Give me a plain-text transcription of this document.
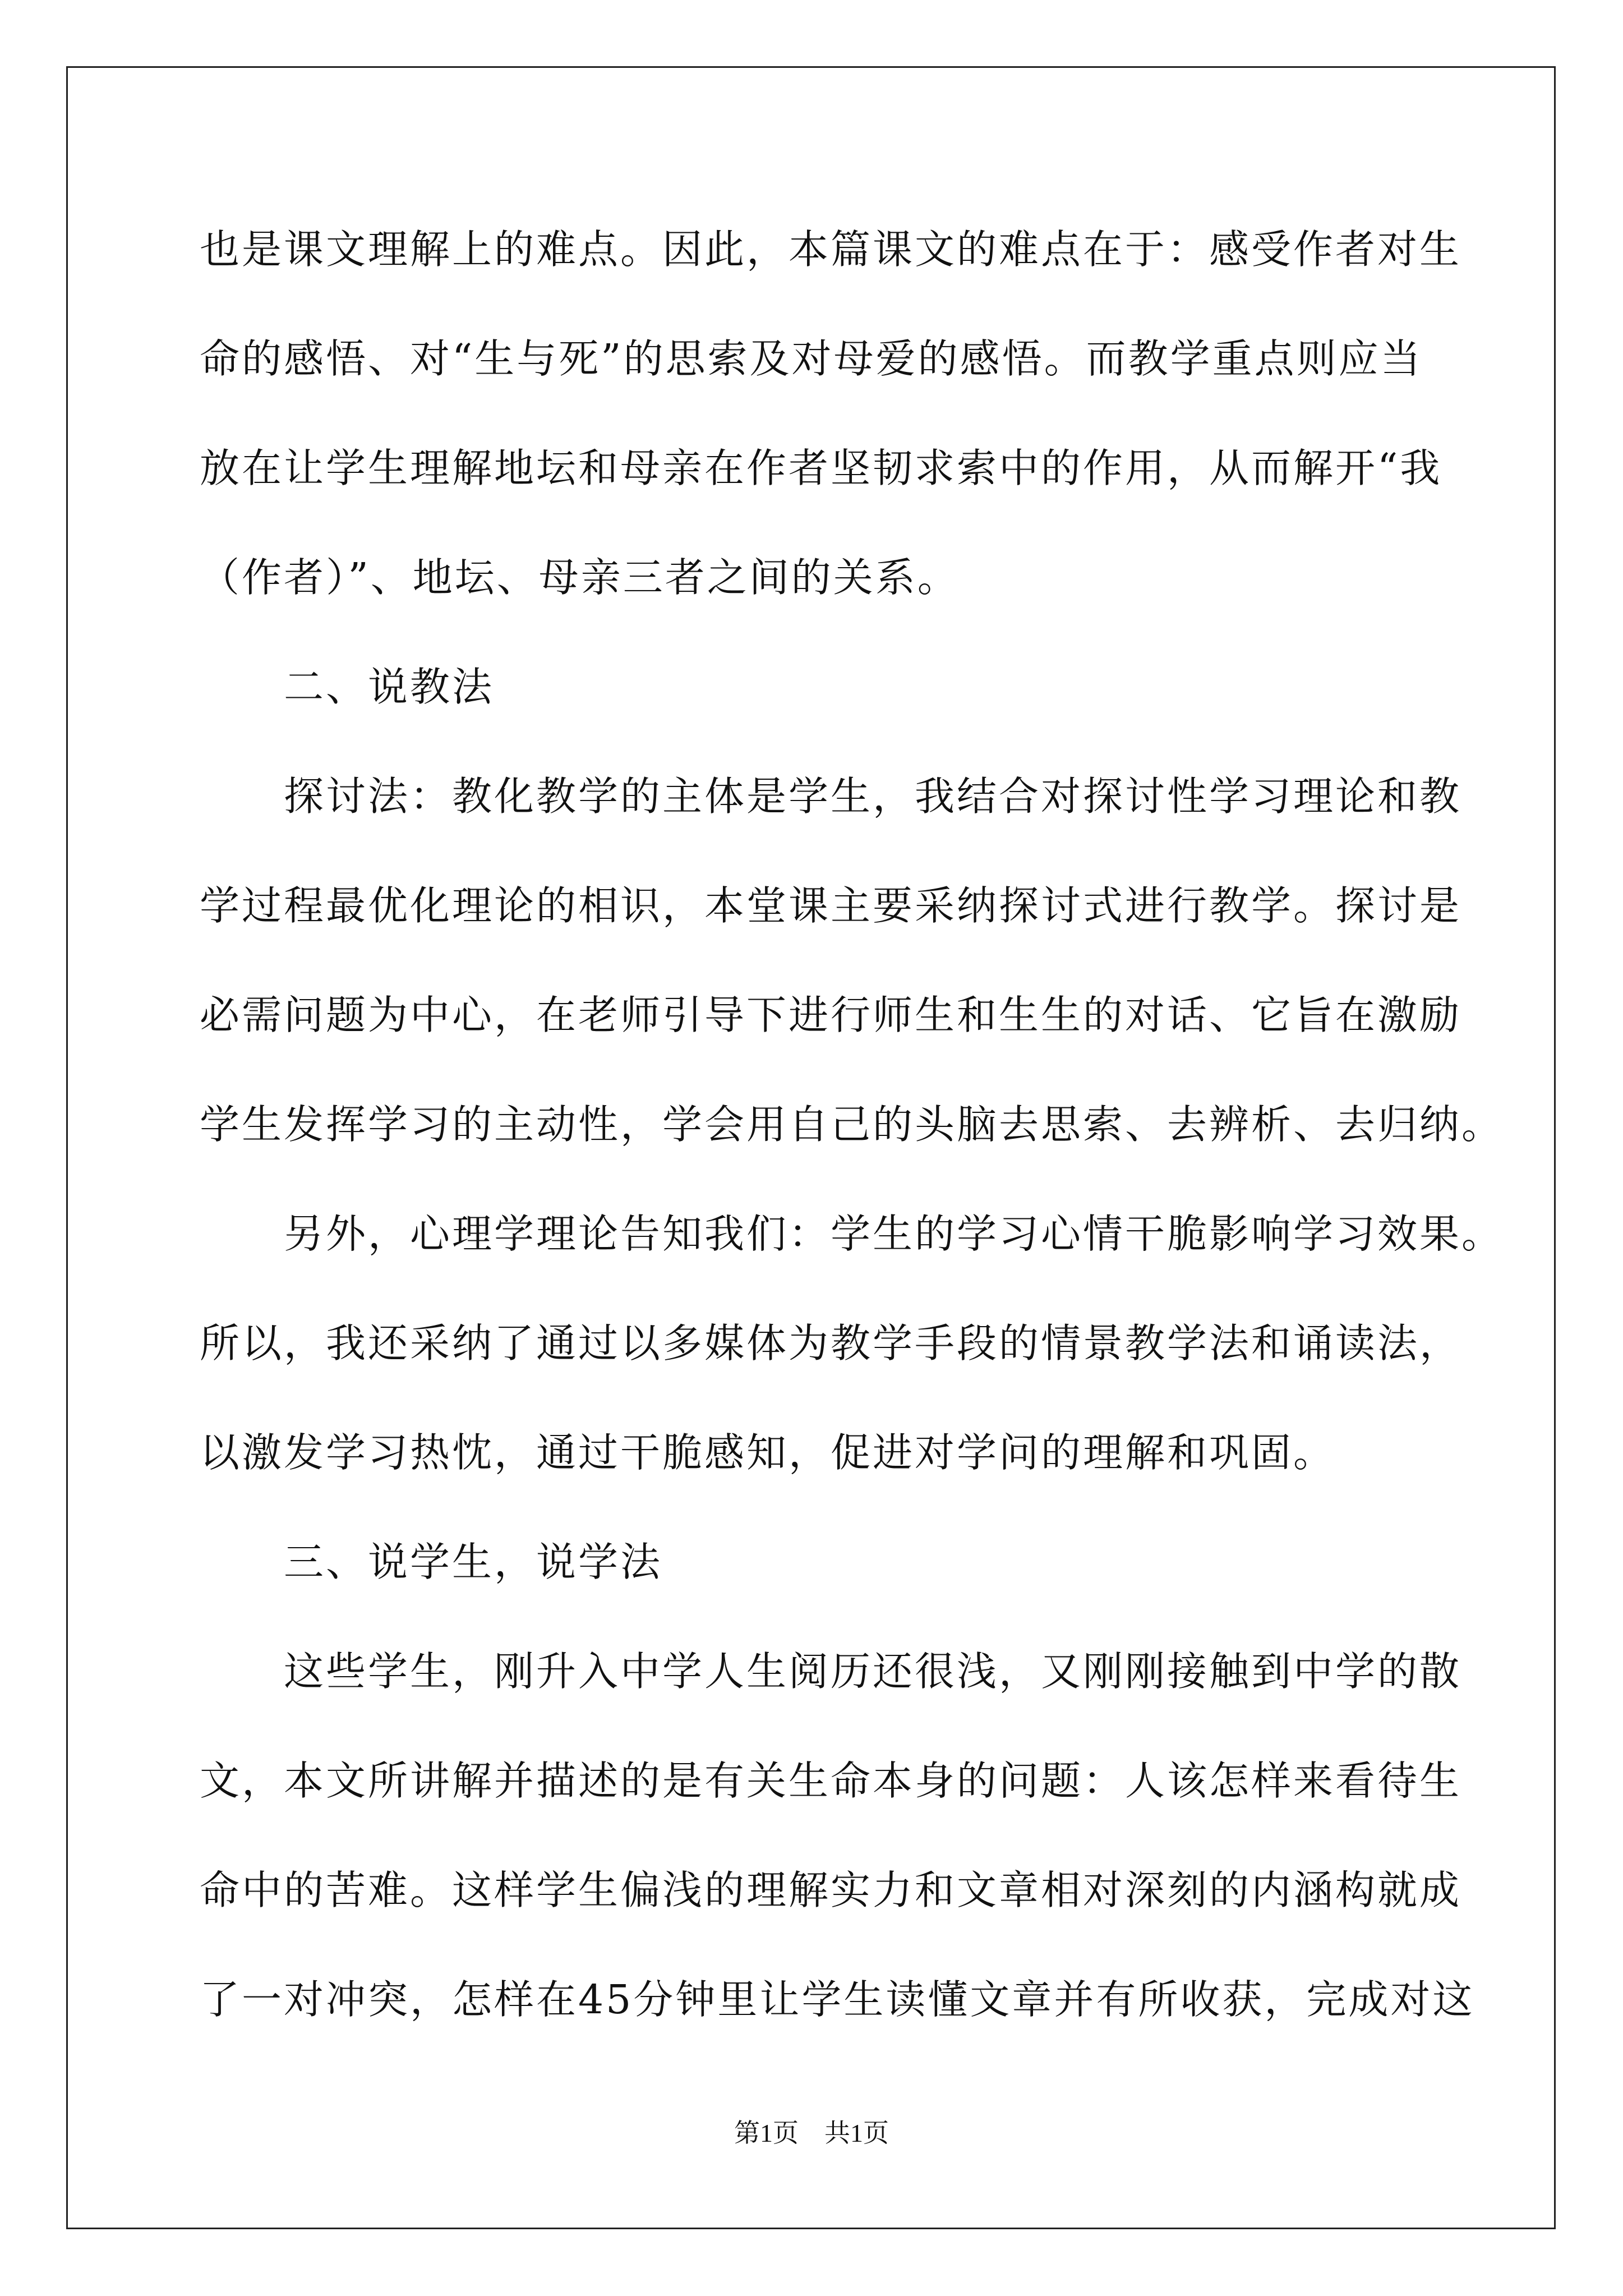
也是课文理解上的难点。因此，本篇课文的难点在于：感受作者对生
命的感悟、对“生与死”的思索及对母爱的感悟。而教学重点则应当
放在让学生理解地坛和母亲在作者坚韧求索中的作用，从而解开“我
（作者）”、地坛、母亲三者之间的关系。
　　二、说教法
　　探讨法：教化教学的主体是学生，我结合对探讨性学习理论和教
学过程最优化理论的相识，本堂课主要采纳探讨式进行教学。探讨是
必需问题为中心，在老师引导下进行师生和生生的对话、它旨在激励
学生发挥学习的主动性，学会用自己的头脑去思索、去辨析、去归纳。
　　另外，心理学理论告知我们：学生的学习心情干脆影响学习效果。
所以，我还采纳了通过以多媒体为教学手段的情景教学法和诵读法，
以激发学习热忱，通过干脆感知，促进对学问的理解和巩固。
　　三、说学生，说学法
　　这些学生，刚升入中学人生阅历还很浅，又刚刚接触到中学的散
文，本文所讲解并描述的是有关生命本身的问题：人该怎样来看待生
命中的苦难。这样学生偏浅的理解实力和文章相对深刻的内涵构就成
了一对冲突，怎样在45分钟里让学生读懂文章并有所收获，完成对这
第1页　共1页
